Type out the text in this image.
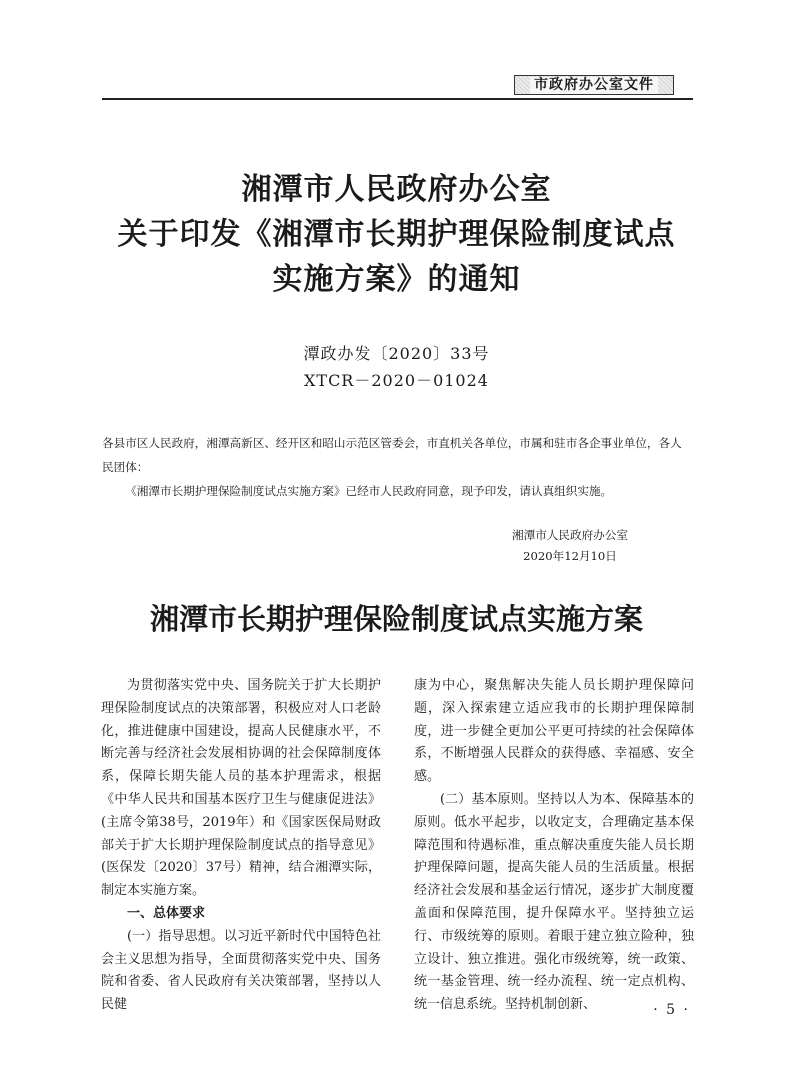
市政府办公室文件
湘潭市人民政府办公室
关于印发《湘潭市长期护理保险制度试点
实施方案》的通知
潭政办发〔2020〕33号
XTCR－2020－01024

各县市区人民政府，湘潭高新区、经开区和昭山示范区管委会，市直机关各单位，市属和驻市各企事业单位，各人民团体：

《湘潭市长期护理保险制度试点实施方案》已经市人民政府同意，现予印发，请认真组织实施。

湘潭市人民政府办公室
2020年12月10日
湘潭市长期护理保险制度试点实施方案

为贯彻落实党中央、国务院关于扩大长期护理保险制度试点的决策部署，积极应对人口老龄化，推进健康中国建设，提高人民健康水平，不断完善与经济社会发展相协调的社会保障制度体系，保障长期失能人员的基本护理需求，根据《中华人民共和国基本医疗卫生与健康促进法》(主席令第38号，2019年）和《国家医保局财政部关于扩大长期护理保险制度试点的指导意见》(医保发〔2020〕37号）精神，结合湘潭实际，制定本实施方案。

一、总体要求

(一）指导思想。以习近平新时代中国特色社会主义思想为指导，全面贯彻落实党中央、国务院和省委、省人民政府有关决策部署，坚持以人民健

康为中心，聚焦解决失能人员长期护理保障问题，深入探索建立适应我市的长期护理保障制度，进一步健全更加公平更可持续的社会保障体系，不断增强人民群众的获得感、幸福感、安全感。

(二）基本原则。坚持以人为本、保障基本的原则。低水平起步，以收定支，合理确定基本保障范围和待遇标准，重点解决重度失能人员长期护理保障问题，提高失能人员的生活质量。根据经济社会发展和基金运行情况，逐步扩大制度覆盖面和保障范围，提升保障水平。坚持独立运行、市级统筹的原则。着眼于建立独立险种，独立设计、独立推进。强化市级统筹，统一政策、统一基金管理、统一经办流程、统一定点机构、统一信息系统。坚持机制创新、	· 5 ·
